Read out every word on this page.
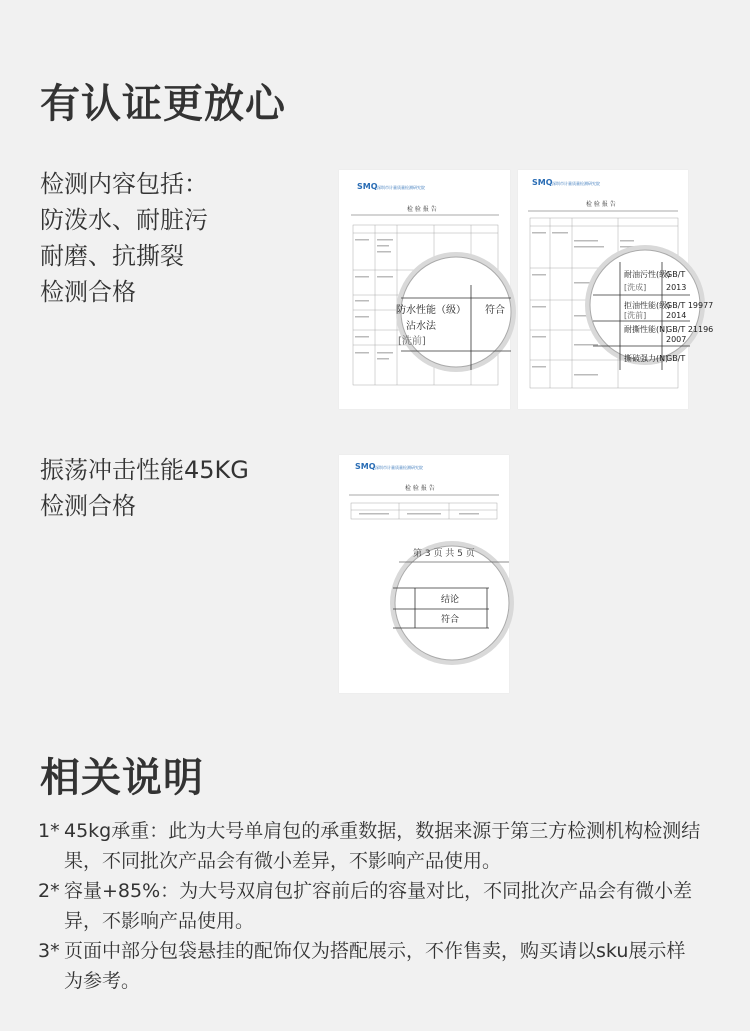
有认证更放心
检测内容包括：
防泼水、耐脏污
耐磨、抗撕裂
检测合格
SMQ 深圳市计量质量检测研究院
检 验 报 告
防水性能（级）
沾水法
[洗前]
符合
SMQ 深圳市计量质量检测研究院
检 验 报 告
耐油污性(级)
[洗成]
拒油性能(级)
[洗前]
耐撕性能(N)
撕破强力(N)
GB/T
2013
GB/T 19977
2014
GB/T 21196
2007
GB/T
振荡冲击性能45KG
检测合格
SMQ 深圳市计量质量检测研究院
检 验 报 告
第 3 页 共 5 页
结论
符合
相关说明
1* 45kg承重：此为大号单肩包的承重数据，数据来源于第三方检测机构检测结
果，不同批次产品会有微小差异，不影响产品使用。
2* 容量+85%：为大号双肩包扩容前后的容量对比，不同批次产品会有微小差
异，不影响产品使用。
3* 页面中部分包袋悬挂的配饰仅为搭配展示，不作售卖，购买请以sku展示样
为参考。
